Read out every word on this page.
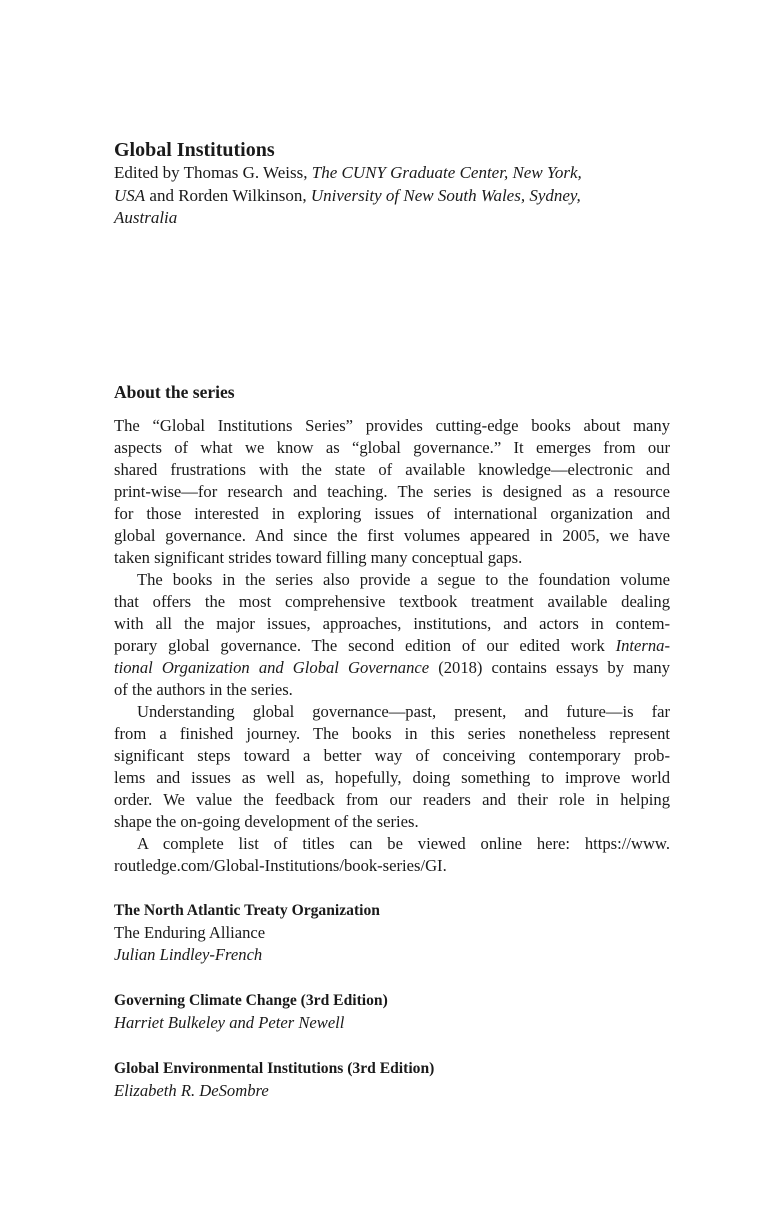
Global Institutions
Edited by Thomas G. Weiss, The CUNY Graduate Center, New York,
USA and Rorden Wilkinson, University of New South Wales, Sydney,
Australia
About the series
The “Global Institutions Series” provides cutting-edge books about many
aspects of what we know as “global governance.” It emerges from our
shared frustrations with the state of available knowledge—electronic and
print-wise—for research and teaching. The series is designed as a resource
for those interested in exploring issues of international organization and
global governance. And since the first volumes appeared in 2005, we have
taken significant strides toward filling many conceptual gaps.
The books in the series also provide a segue to the foundation volume
that offers the most comprehensive textbook treatment available dealing
with all the major issues, approaches, institutions, and actors in contem-
porary global governance. The second edition of our edited work Interna-
tional Organization and Global Governance (2018) contains essays by many
of the authors in the series.
Understanding global governance—past, present, and future—is far
from a finished journey. The books in this series nonetheless represent
significant steps toward a better way of conceiving contemporary prob-
lems and issues as well as, hopefully, doing something to improve world
order. We value the feedback from our readers and their role in helping
shape the on-going development of the series.
A complete list of titles can be viewed online here: https://www.
routledge.com/Global-Institutions/book-series/GI.
The North Atlantic Treaty Organization
The Enduring Alliance
Julian Lindley-French
Governing Climate Change (3rd Edition)
Harriet Bulkeley and Peter Newell
Global Environmental Institutions (3rd Edition)
Elizabeth R. DeSombre
